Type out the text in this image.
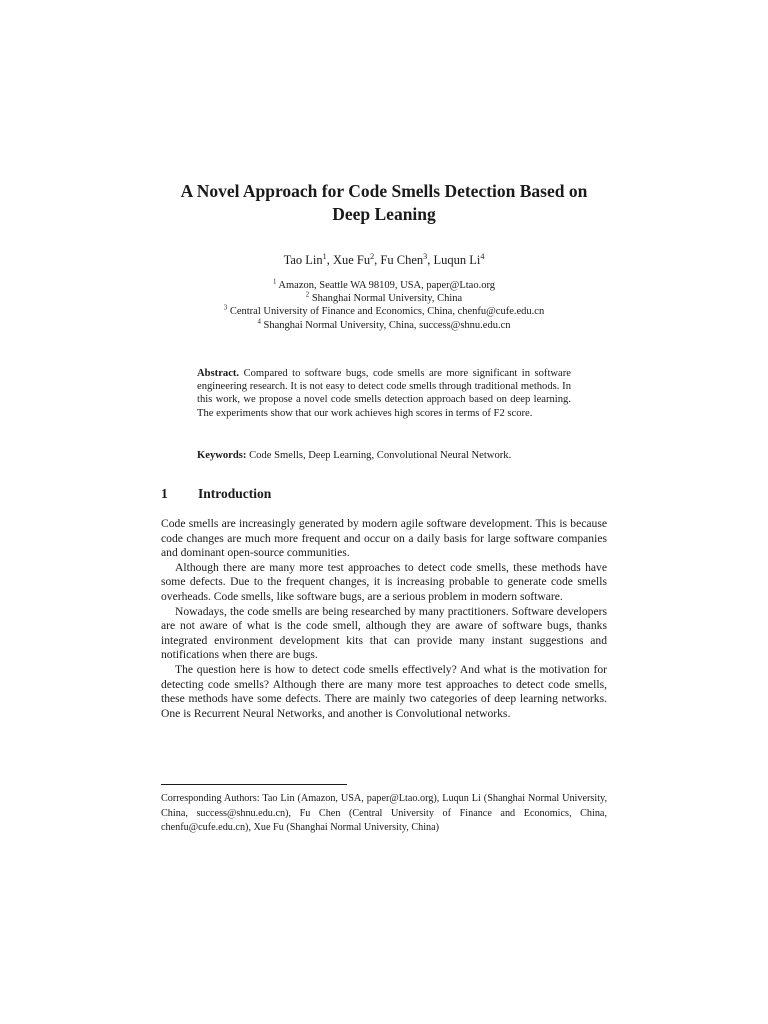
A Novel Approach for Code Smells Detection Based on
Deep Leaning
Tao Lin$^1$, Xue Fu$^2$, Fu Chen$^3$, Luqun Li$^4$
$^1$ Amazon, Seattle WA 98109, USA, paper@Ltao.org
$^2$ Shanghai Normal University, China
$^3$ Central University of Finance and Economics, China, chenfu@cufe.edu.cn
$^4$ Shanghai Normal University, China, success@shnu.edu.cn
Abstract. Compared to software bugs, code smells are more significant in software engineering research. It is not easy to detect code smells through traditional methods. In this work, we propose a novel code smells detection approach based on deep learning. The experiments show that our work achieves high scores in terms of F2 score.
Keywords: Code Smells, Deep Learning, Convolutional Neural Network.
1 Introduction

Code smells are increasingly generated by modern agile software development. This is because code changes are much more frequent and occur on a daily basis for large software companies and dominant open-source communities.

Although there are many more test approaches to detect code smells, these methods have some defects. Due to the frequent changes, it is increasing probable to generate code smells overheads. Code smells, like software bugs, are a serious problem in modern software.

Nowadays, the code smells are being researched by many practitioners. Software developers are not aware of what is the code smell, although they are aware of software bugs, thanks integrated environment development kits that can provide many instant suggestions and notifications when there are bugs.

The question here is how to detect code smells effectively? And what is the motivation for detecting code smells? Although there are many more test approaches to detect code smells, these methods have some defects. There are mainly two categories of deep learning networks. One is Recurrent Neural Networks, and another is Convolutional networks.

Corresponding Authors: Tao Lin (Amazon, USA, paper@Ltao.org), Luqun Li (Shanghai Normal University, China, success@shnu.edu.cn), Fu Chen (Central University of Finance and Economics, China, chenfu@cufe.edu.cn), Xue Fu (Shanghai Normal University, China)
